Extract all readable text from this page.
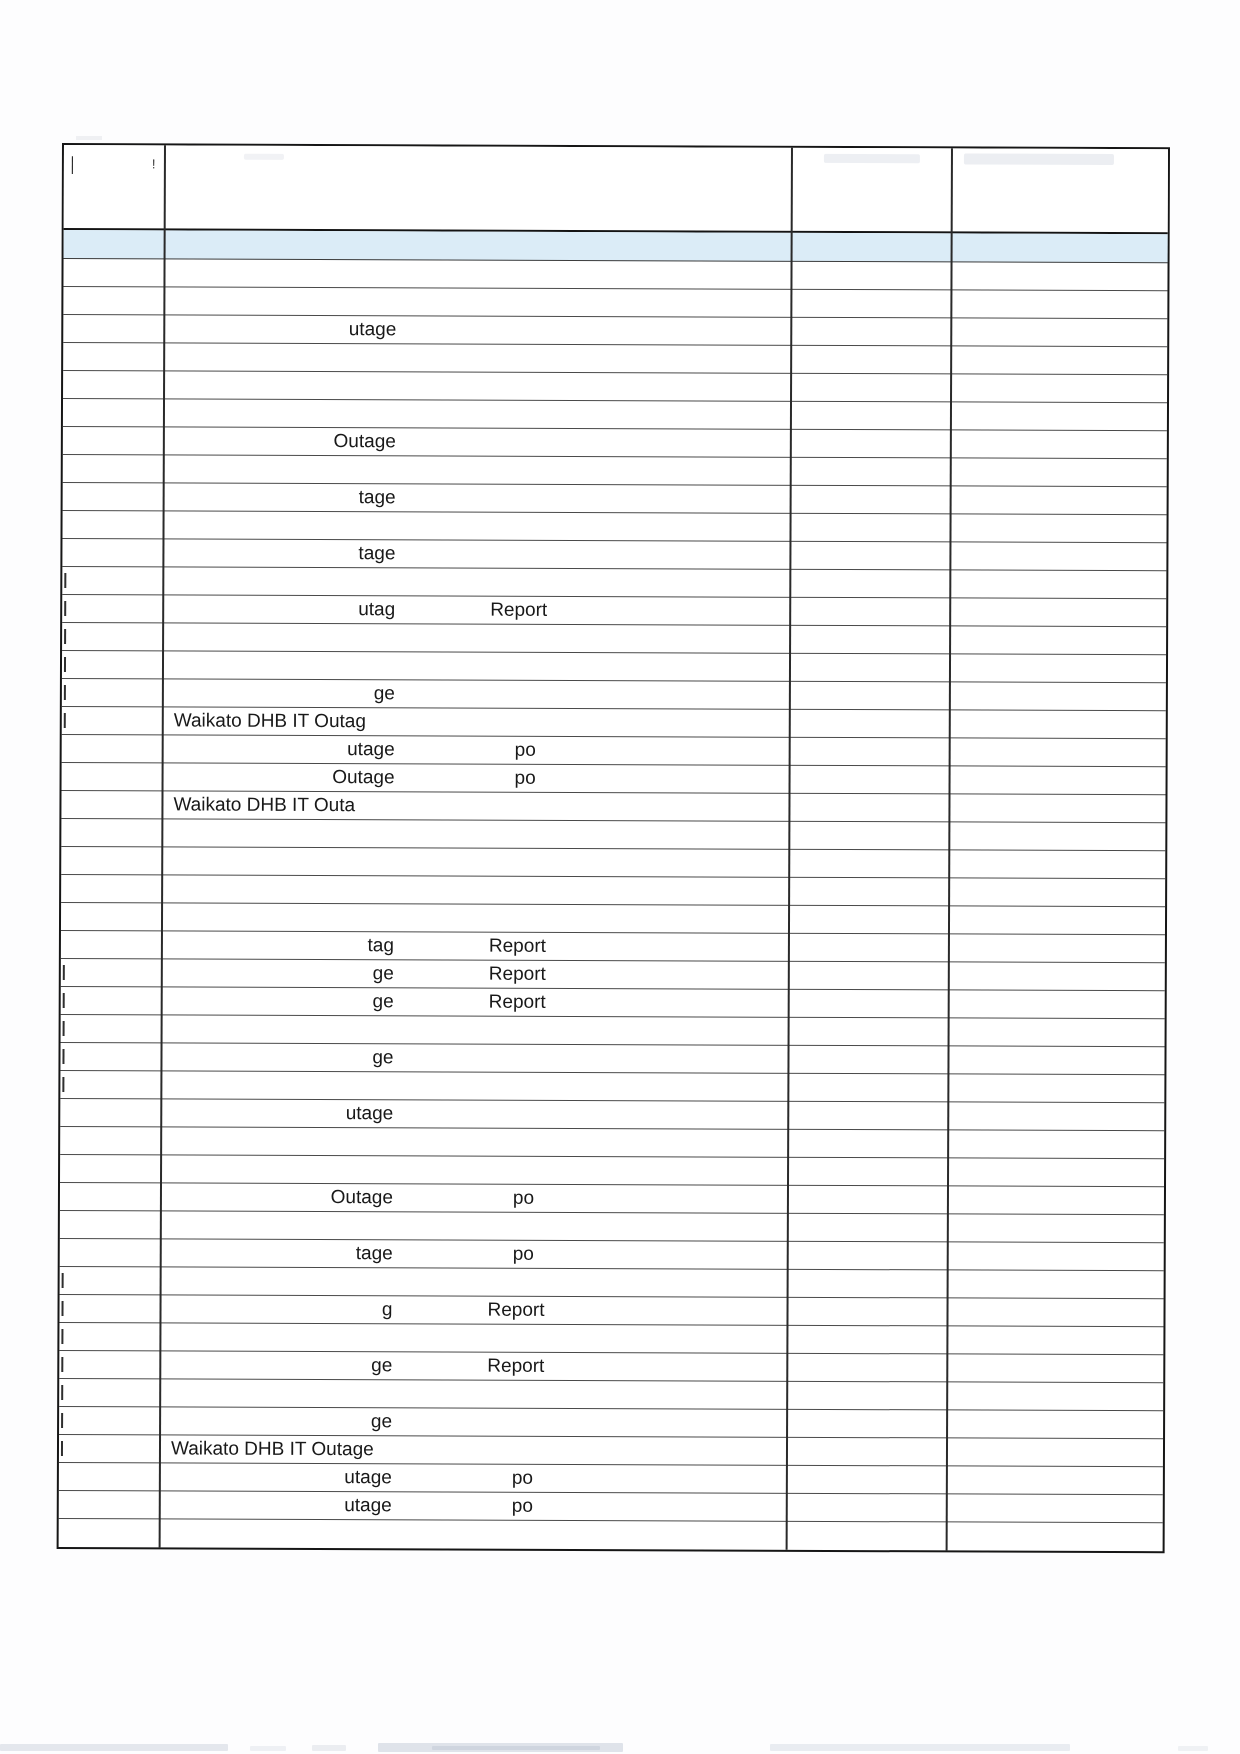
|	!
utage
Outage
tage
tage
utag	Report
ge
Waikato DHB IT Outag
utage	po
Outage	po
Waikato DHB IT Outa
tag	Report
ge	Report
ge	Report
ge
utage
Outage	po
tage	po
g	Report
ge	Report
ge
Waikato DHB IT Outage
utage	po
utage	po
